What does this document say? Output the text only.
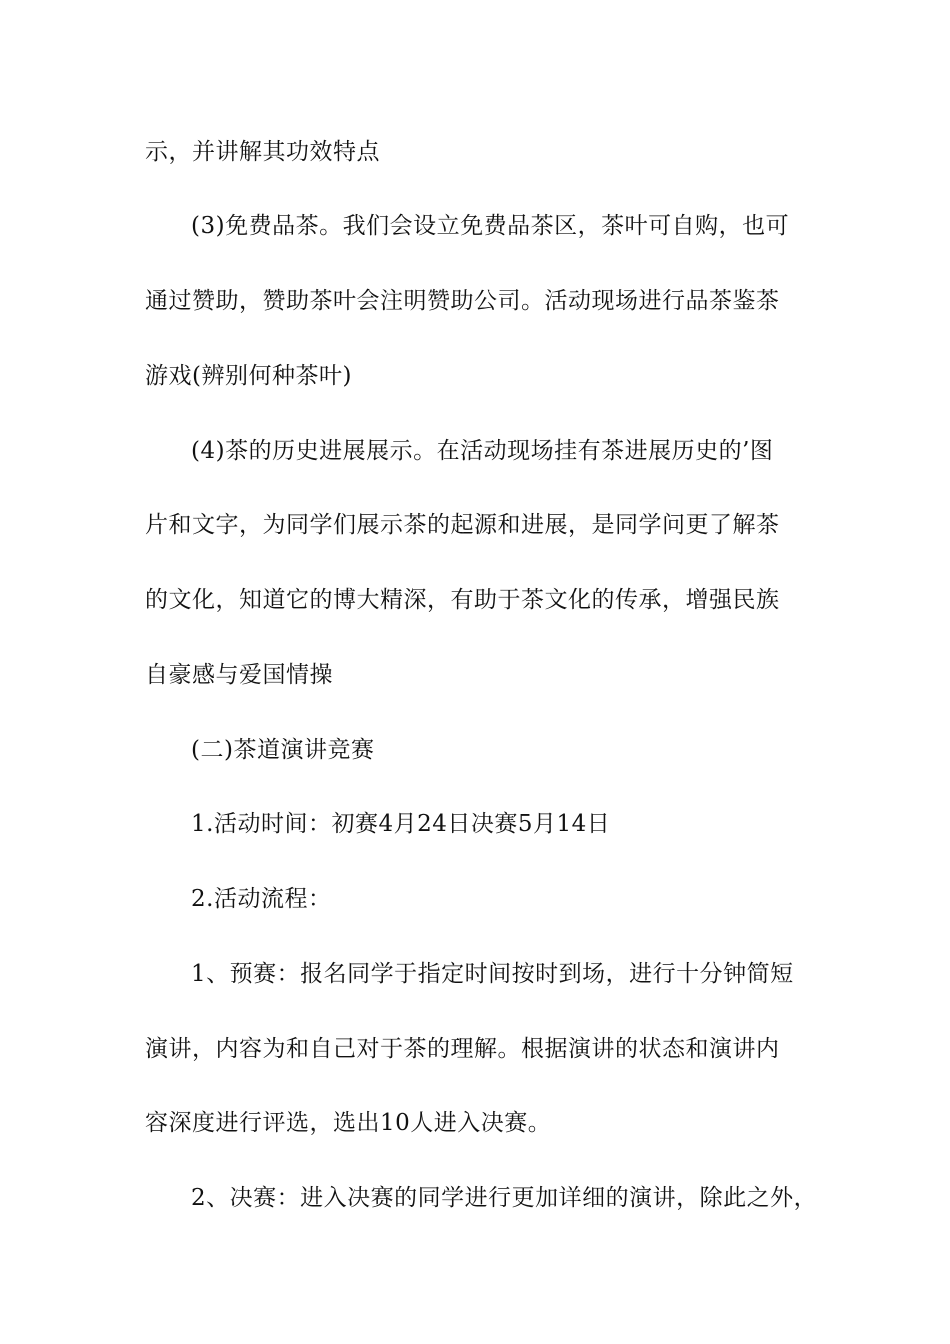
示，并讲解其功效特点
(3)免费品茶。我们会设立免费品茶区，茶叶可自购，也可
通过赞助，赞助茶叶会注明赞助公司。活动现场进行品茶鉴茶
游戏(辨别何种茶叶)
(4)茶的历史进展展示。在活动现场挂有茶进展历史的’图
片和文字，为同学们展示茶的起源和进展，是同学问更了解茶
的文化，知道它的博大精深，有助于茶文化的传承，增强民族
自豪感与爱国情操
(二)茶道演讲竞赛
1.活动时间：初赛4月24日决赛5月14日
2.活动流程：
1、预赛：报名同学于指定时间按时到场，进行十分钟简短
演讲，内容为和自己对于茶的理解。根据演讲的状态和演讲内
容深度进行评选，选出10人进入决赛。
2、决赛：进入决赛的同学进行更加详细的演讲，除此之外，
